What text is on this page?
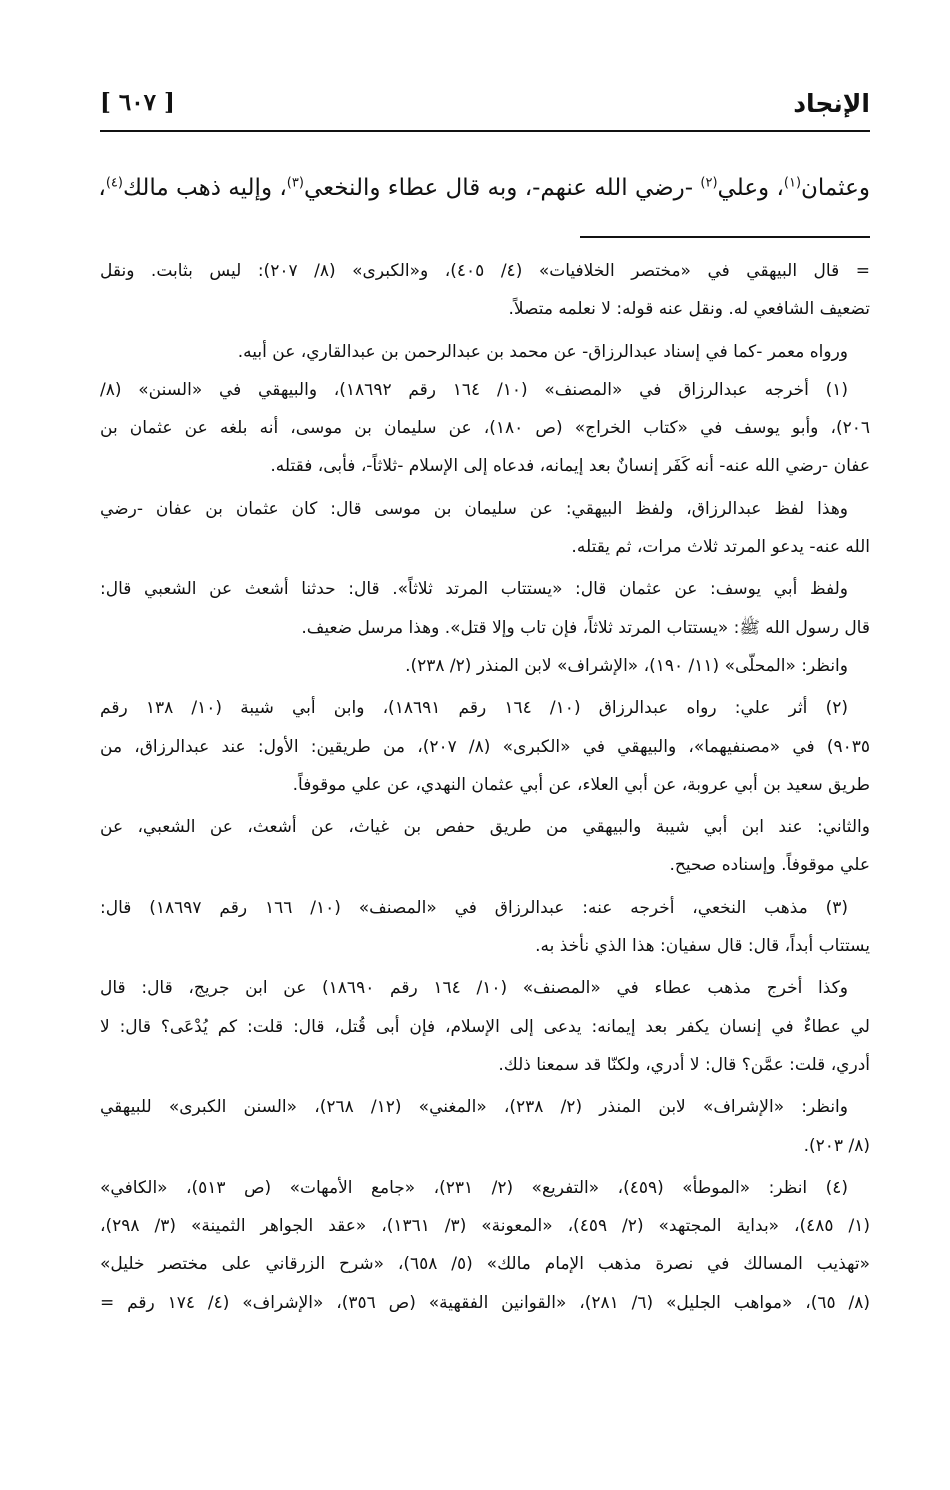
الإنجاد
[ ٦٠٧ ]
وعثمان$^{(١)}$، وعلي$^{(٢)}$ -رضي الله عنهم-، وبه قال عطاء والنخعي$^{(٣)}$، وإليه ذهب مالك$^{(٤)}$،
= قال البيهقي في «مختصر الخلافيات» (٤/ ٤٠٥)، و«الكبرى» (٨/ ٢٠٧): ليس بثابت. ونقل
تضعيف الشافعي له. ونقل عنه قوله: لا نعلمه متصلاً.
ورواه معمر -كما في إسناد عبدالرزاق- عن محمد بن عبدالرحمن بن عبدالقاري، عن أبيه.
(١) أخرجه عبدالرزاق في «المصنف» (١٠/ ١٦٤ رقم ١٨٦٩٢)، والبيهقي في «السنن» (٨/
٢٠٦)، وأبو يوسف في «كتاب الخراج» (ص ١٨٠)، عن سليمان بن موسى، أنه بلغه عن عثمان بن
عفان -رضي الله عنه- أنه كَفَر إنسانٌ بعد إيمانه، فدعاه إلى الإسلام -ثلاثاً-، فأبى، فقتله.
وهذا لفظ عبدالرزاق، ولفظ البيهقي: عن سليمان بن موسى قال: كان عثمان بن عفان -رضي
الله عنه- يدعو المرتد ثلاث مرات، ثم يقتله.
ولفظ أبي يوسف: عن عثمان قال: «يستتاب المرتد ثلاثاً». قال: حدثنا أشعث عن الشعبي قال:
قال رسول الله ﷺ: «يستتاب المرتد ثلاثاً، فإن تاب وإلا قتل». وهذا مرسل ضعيف.
وانظر: «المحلّى» (١١/ ١٩٠)، «الإشراف» لابن المنذر (٢/ ٢٣٨).
(٢) أثر علي: رواه عبدالرزاق (١٠/ ١٦٤ رقم ١٨٦٩١)، وابن أبي شيبة (١٠/ ١٣٨ رقم
٩٠٣٥) في «مصنفيهما»، والبيهقي في «الكبرى» (٨/ ٢٠٧)، من طريقين: الأول: عند عبدالرزاق، من
طريق سعيد بن أبي عروبة، عن أبي العلاء، عن أبي عثمان النهدي، عن علي موقوفاً.
والثاني: عند ابن أبي شيبة والبيهقي من طريق حفص بن غياث، عن أشعث، عن الشعبي، عن
علي موقوفاً. وإسناده صحيح.
(٣) مذهب النخعي، أخرجه عنه: عبدالرزاق في «المصنف» (١٠/ ١٦٦ رقم ١٨٦٩٧) قال:
يستتاب أبداً، قال: قال سفيان: هذا الذي نأخذ به.
وكذا أخرج مذهب عطاء في «المصنف» (١٠/ ١٦٤ رقم ١٨٦٩٠) عن ابن جريج، قال: قال
لي عطاءٌ في إنسان يكفر بعد إيمانه: يدعى إلى الإسلام، فإن أبى قُتل، قال: قلت: كم يُدْعَى؟ قال: لا
أدري، قلت: عمَّن؟ قال: لا أدري، ولكنّا قد سمعنا ذلك.
وانظر: «الإشراف» لابن المنذر (٢/ ٢٣٨)، «المغني» (١٢/ ٢٦٨)، «السنن الكبرى» للبيهقي
(٨/ ٢٠٣).
(٤) انظر: «الموطأ» (٤٥٩)، «التفريع» (٢/ ٢٣١)، «جامع الأمهات» (ص ٥١٣)، «الكافي»
(١/ ٤٨٥)، «بداية المجتهد» (٢/ ٤٥٩)، «المعونة» (٣/ ١٣٦١)، «عقد الجواهر الثمينة» (٣/ ٢٩٨)،
«تهذيب المسالك في نصرة مذهب الإمام مالك» (٥/ ٦٥٨)، «شرح الزرقاني على مختصر خليل»
(٨/ ٦٥)، «مواهب الجليل» (٦/ ٢٨١)، «القوانين الفقهية» (ص ٣٥٦)، «الإشراف» (٤/ ١٧٤ رقم =
